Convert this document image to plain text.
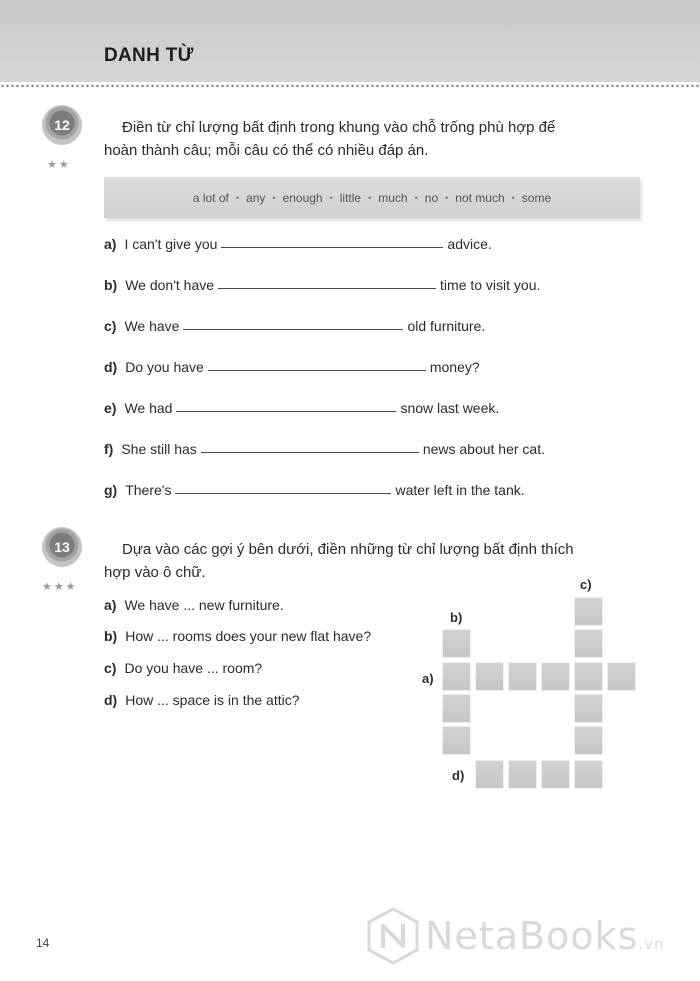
DANH TỪ
12
★★
Điền từ chỉ lượng bất định trong khung vào chỗ trống phù hợp để
hoàn thành câu; mỗi câu có thể có nhiều đáp án.
a lot of • any • enough • little • much • no • not much • some
a) I can't give you	advice.
b) We don't have	time to visit you.
c) We have	old furniture.
d) Do you have	money?
e) We had	snow last week.
f) She still has	news about her cat.
g) There's	water left in the tank.
13
★★★
Dựa vào các gợi ý bên dưới, điền những từ chỉ lượng bất định thích
hợp vào ô chữ.
a) We have ... new furniture.
b) How ... rooms does your new flat have?
c) Do you have ... room?
d) How ... space is in the attic?
c)
b)
a)
d)
14	NetaBooks.vn
